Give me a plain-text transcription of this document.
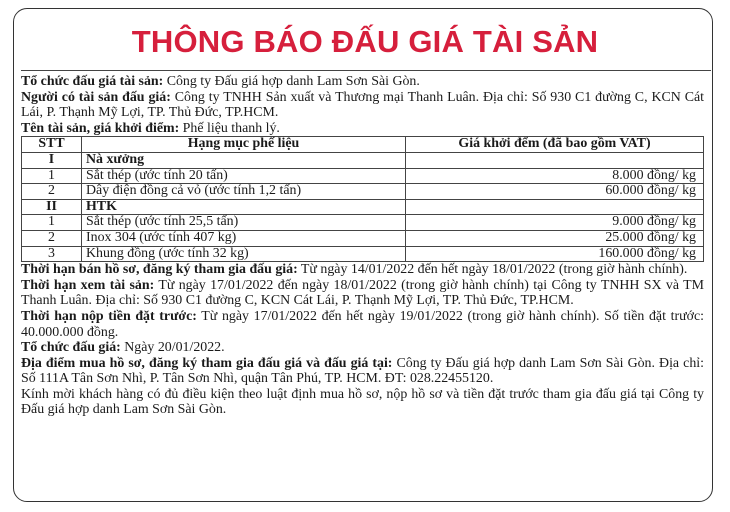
THÔNG BÁO ĐẤU GIÁ TÀI SẢN

Tổ chức đấu giá tài sản: Công ty Đấu giá hợp danh Lam Sơn Sài Gòn.

Người có tài sản đấu giá: Công ty TNHH Sản xuất và Thương mại Thanh Luân. Địa chỉ: Số 930 C1 đường C, KCN Cát Lái, P. Thạnh Mỹ Lợi, TP. Thủ Đức, TP.HCM.

Tên tài sản, giá khởi điểm: Phế liệu thanh lý.

STT	Hạng mục phế liệu	Giá khởi đểm (đã bao gồm VAT)
I	Nà xưởng	
1	Sắt thép (ước tính 20 tấn)	8.000 đồng/ kg
2	Dây điện đồng cả vỏ (ước tính 1,2 tấn)	60.000 đồng/ kg
II	HTK	
1	Sắt thép (ước tính 25,5 tấn)	9.000 đồng/ kg
2	Inox 304 (ước tính 407 kg)	25.000 đồng/ kg
3	Khung đồng (ước tính 32 kg)	160.000 đồng/ kg

Thời hạn bán hồ sơ, đăng ký tham gia đấu giá: Từ ngày 14/01/2022 đến hết ngày 18/01/2022 (trong giờ hành chính).

Thời hạn xem tài sản: Từ ngày 17/01/2022 đến ngày 18/01/2022 (trong giờ hành chính) tại Công ty TNHH SX và TM Thanh Luân. Địa chỉ: Số 930 C1 đường C, KCN Cát Lái, P. Thạnh Mỹ Lợi, TP. Thủ Đức, TP.HCM.

Thời hạn nộp tiền đặt trước: Từ ngày 17/01/2022 đến hết ngày 19/01/2022 (trong giờ hành chính). Số tiền đặt trước: 40.000.000 đồng.

Tổ chức đấu giá: Ngày 20/01/2022.

Địa điểm mua hồ sơ, đăng ký tham gia đấu giá và đấu giá tại: Công ty Đấu giá hợp danh Lam Sơn Sài Gòn. Địa chỉ: Số 111A Tân Sơn Nhì, P. Tân Sơn Nhì, quận Tân Phú, TP. HCM. ĐT: 028.22455120.

Kính mời khách hàng có đủ điều kiện theo luật định mua hồ sơ, nộp hồ sơ và tiền đặt trước tham gia đấu giá tại Công ty Đấu giá hợp danh Lam Sơn Sài Gòn.
